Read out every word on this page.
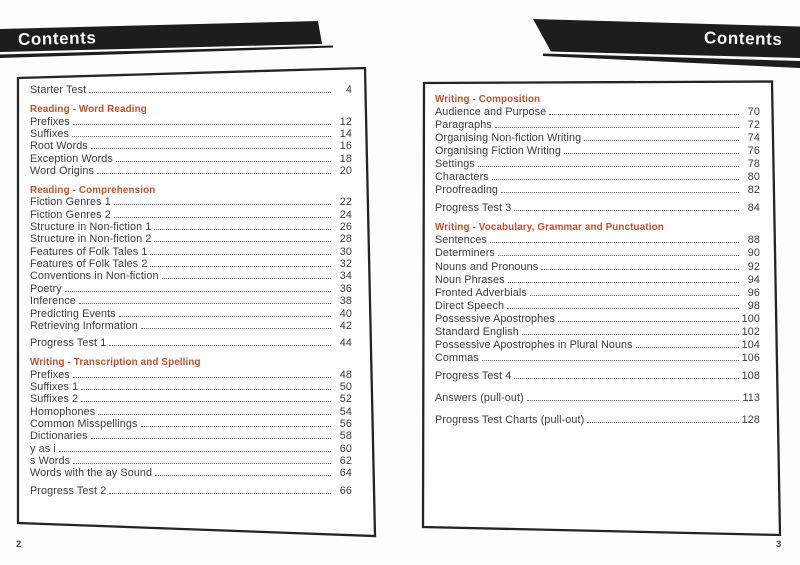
Contents	Contents
Starter Test	4
Reading - Word Reading
Prefixes	12
Suffixes	14
Root Words	16
Exception Words	18
Word Origins	20
Reading - Comprehension
Fiction Genres 1	22
Fiction Genres 2	24
Structure in Non-fiction 1	26
Structure in Non-fiction 2	28
Features of Folk Tales 1	30
Features of Folk Tales 2	32
Conventions in Non-fiction	34
Poetry	36
Inference	38
Predicting Events	40
Retrieving Information	42
Progress Test 1	44
Writing - Transcription and Spelling
Prefixes	48
Suffixes 1	50
Suffixes 2	52
Homophones	54
Common Misspellings	56
Dictionaries	58
y as i	60
s Words	62
Words with the ay Sound	64
Progress Test 2	66
Writing - Composition
Audience and Purpose	70
Paragraphs	72
Organising Non-fiction Writing	74
Organising Fiction Writing	76
Settings	78
Characters	80
Proofreading	82
Progress Test 3	84
Writing - Vocabulary, Grammar and Punctuation
Sentences	88
Determiners	90
Nouns and Pronouns	92
Noun Phrases	94
Fronted Adverbials	96
Direct Speech	98
Possessive Apostrophes	100
Standard English	102
Possessive Apostrophes in Plural Nouns	104
Commas	106
Progress Test 4	108
Answers (pull-out)	113
Progress Test Charts (pull-out)	128
2	3
